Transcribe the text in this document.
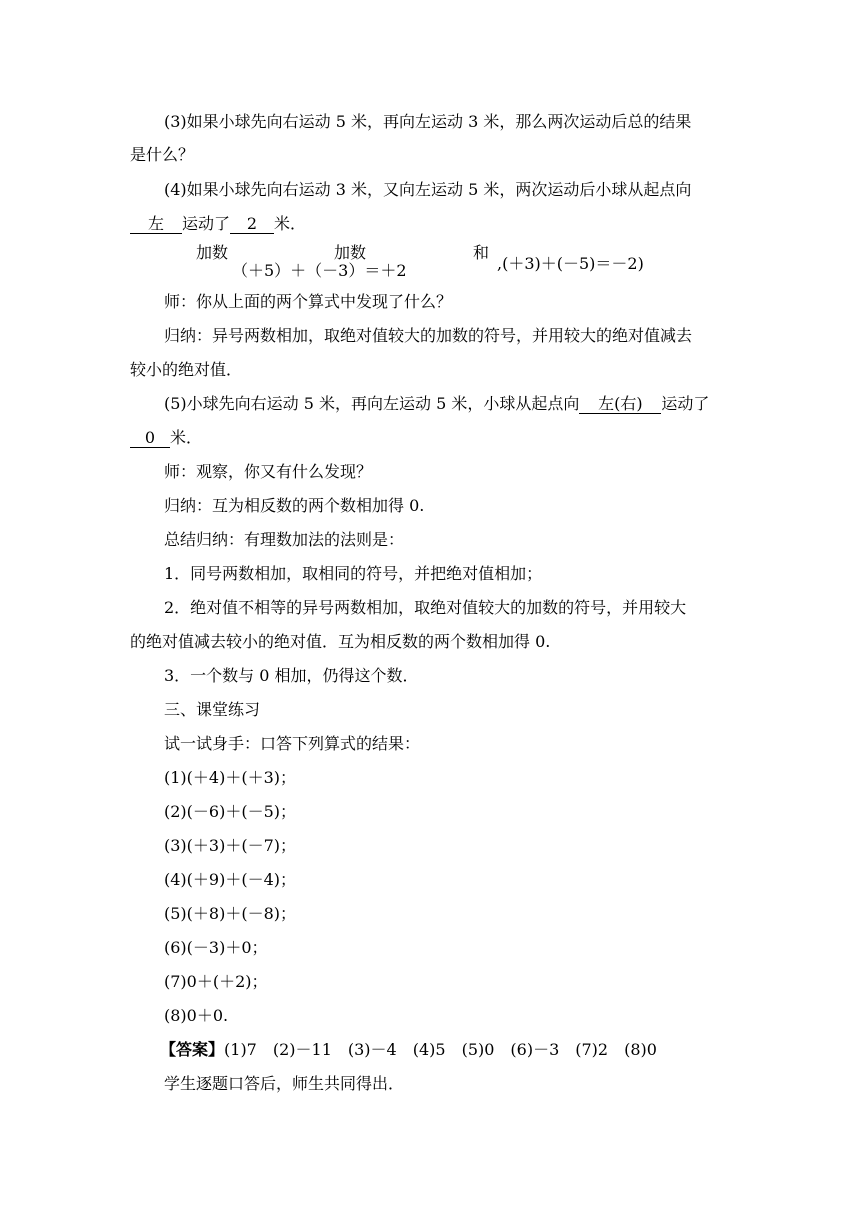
(3)如果小球先向右运动 5 米，再向左运动 3 米，那么两次运动后总的结果
是什么？
(4)如果小球先向右运动 3 米，又向左运动 5 米，两次运动后小球从起点向
左 运动了 2 米．
加数	加数
（＋5）＋（－3）＝＋2
和
,(＋3)＋(－5)＝－2)
师：你从上面的两个算式中发现了什么？
归纳：异号两数相加，取绝对值较大的加数的符号，并用较大的绝对值减去
较小的绝对值．
(5)小球先向右运动 5 米，再向左运动 5 米，小球从起点向 左(右) 运动了
0 米．
师：观察，你又有什么发现？
归纳：互为相反数的两个数相加得 0.
总结归纳：有理数加法的法则是：
1．同号两数相加，取相同的符号，并把绝对值相加；
2．绝对值不相等的异号两数相加，取绝对值较大的加数的符号，并用较大
的绝对值减去较小的绝对值．互为相反数的两个数相加得 0.
3．一个数与 0 相加，仍得这个数．
三、课堂练习
试一试身手：口答下列算式的结果：
(1)(＋4)＋(＋3)；
(2)(－6)＋(－5)；
(3)(＋3)＋(－7)；
(4)(＋9)＋(－4)；
(5)(＋8)＋(－8)；
(6)(－3)＋0；
(7)0＋(＋2)；
(8)0＋0.
【答案】(1)7　(2)－11　(3)－4　(4)5　(5)0　(6)－3　(7)2　(8)0
学生逐题口答后，师生共同得出．
